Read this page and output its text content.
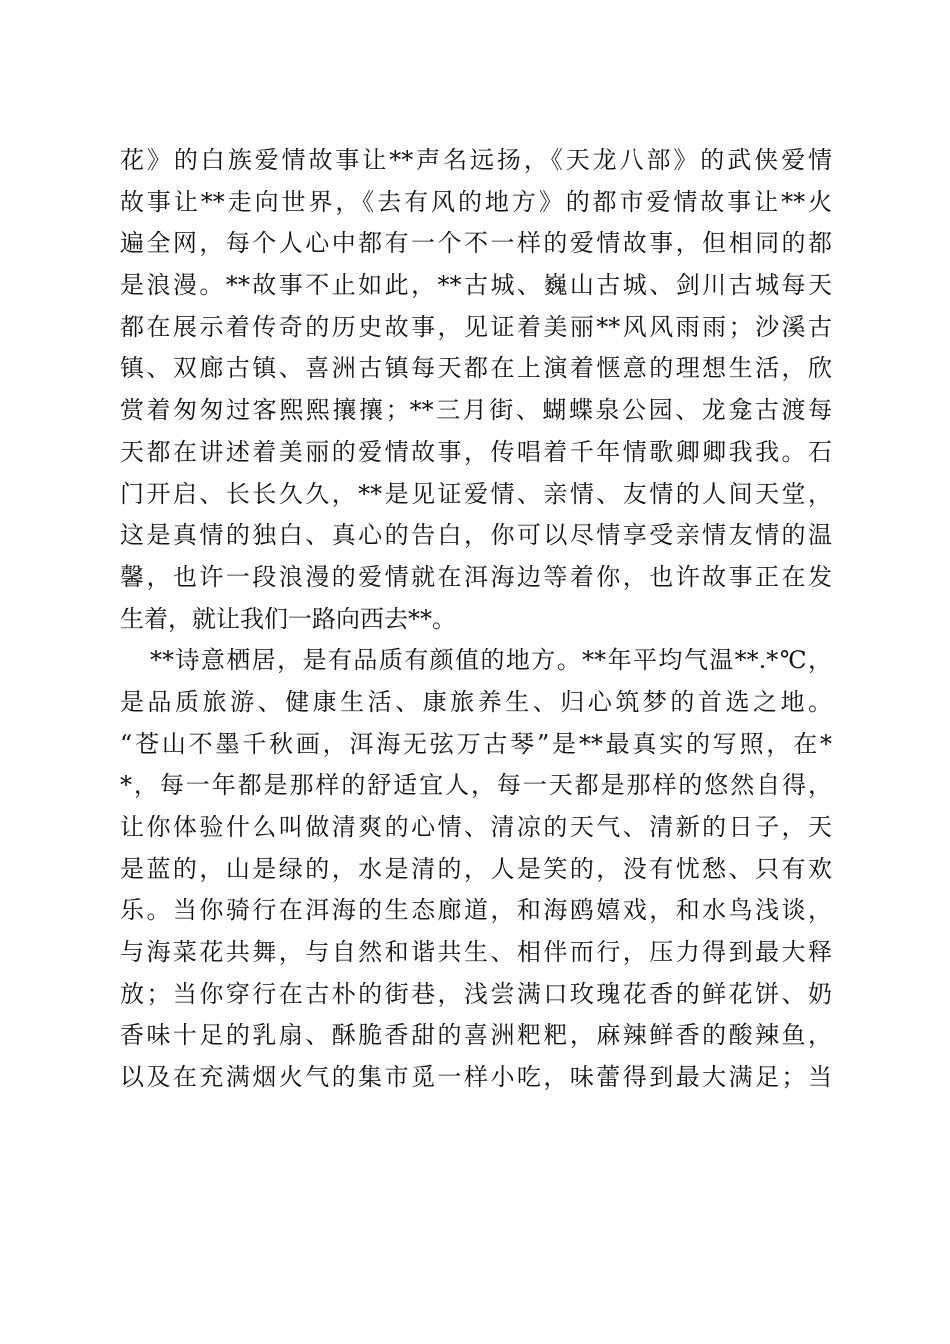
花》的白族爱情故事让**声名远扬，《天龙八部》的武侠爱情
故事让**走向世界，《去有风的地方》的都市爱情故事让**火
遍全网，每个人心中都有一个不一样的爱情故事，但相同的都
是浪漫。**故事不止如此，**古城、巍山古城、剑川古城每天
都在展示着传奇的历史故事，见证着美丽**风风雨雨；沙溪古
镇、双廊古镇、喜洲古镇每天都在上演着惬意的理想生活，欣
赏着匆匆过客熙熙攘攘；**三月街、蝴蝶泉公园、龙龛古渡每
天都在讲述着美丽的爱情故事，传唱着千年情歌卿卿我我。石
门开启、长长久久，**是见证爱情、亲情、友情的人间天堂，
这是真情的独白、真心的告白，你可以尽情享受亲情友情的温
馨，也许一段浪漫的爱情就在洱海边等着你，也许故事正在发
生着，就让我们一路向西去**。
**诗意栖居，是有品质有颜值的地方。**年平均气温**.*℃，
是品质旅游、健康生活、康旅养生、归心筑梦的首选之地。
“苍山不墨千秋画，洱海无弦万古琴”是**最真实的写照，在*
*，每一年都是那样的舒适宜人，每一天都是那样的悠然自得，
让你体验什么叫做清爽的心情、清凉的天气、清新的日子，天
是蓝的，山是绿的，水是清的，人是笑的，没有忧愁、只有欢
乐。当你骑行在洱海的生态廊道，和海鸥嬉戏，和水鸟浅谈，
与海菜花共舞，与自然和谐共生、相伴而行，压力得到最大释
放；当你穿行在古朴的街巷，浅尝满口玫瑰花香的鲜花饼、奶
香味十足的乳扇、酥脆香甜的喜洲粑粑，麻辣鲜香的酸辣鱼，
以及在充满烟火气的集市觅一样小吃，味蕾得到最大满足；当
